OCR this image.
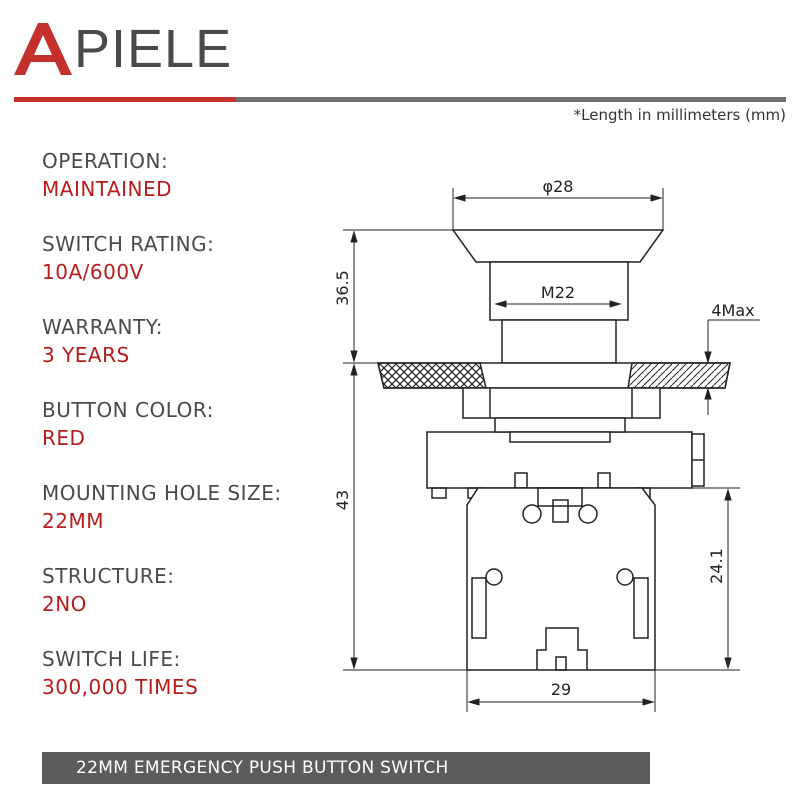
PIELE
*Length in millimeters (mm)
OPERATION:
MAINTAINED
SWITCH RATING:
10A/600V
WARRANTY:
3 YEARS
BUTTON COLOR:
RED
MOUNTING HOLE SIZE:
22MM
STRUCTURE:
2NO
SWITCH LIFE:
300,000 TIMES
φ28
M22
4Max
36.5
43
24.1
29
22MM EMERGENCY PUSH BUTTON SWITCH
